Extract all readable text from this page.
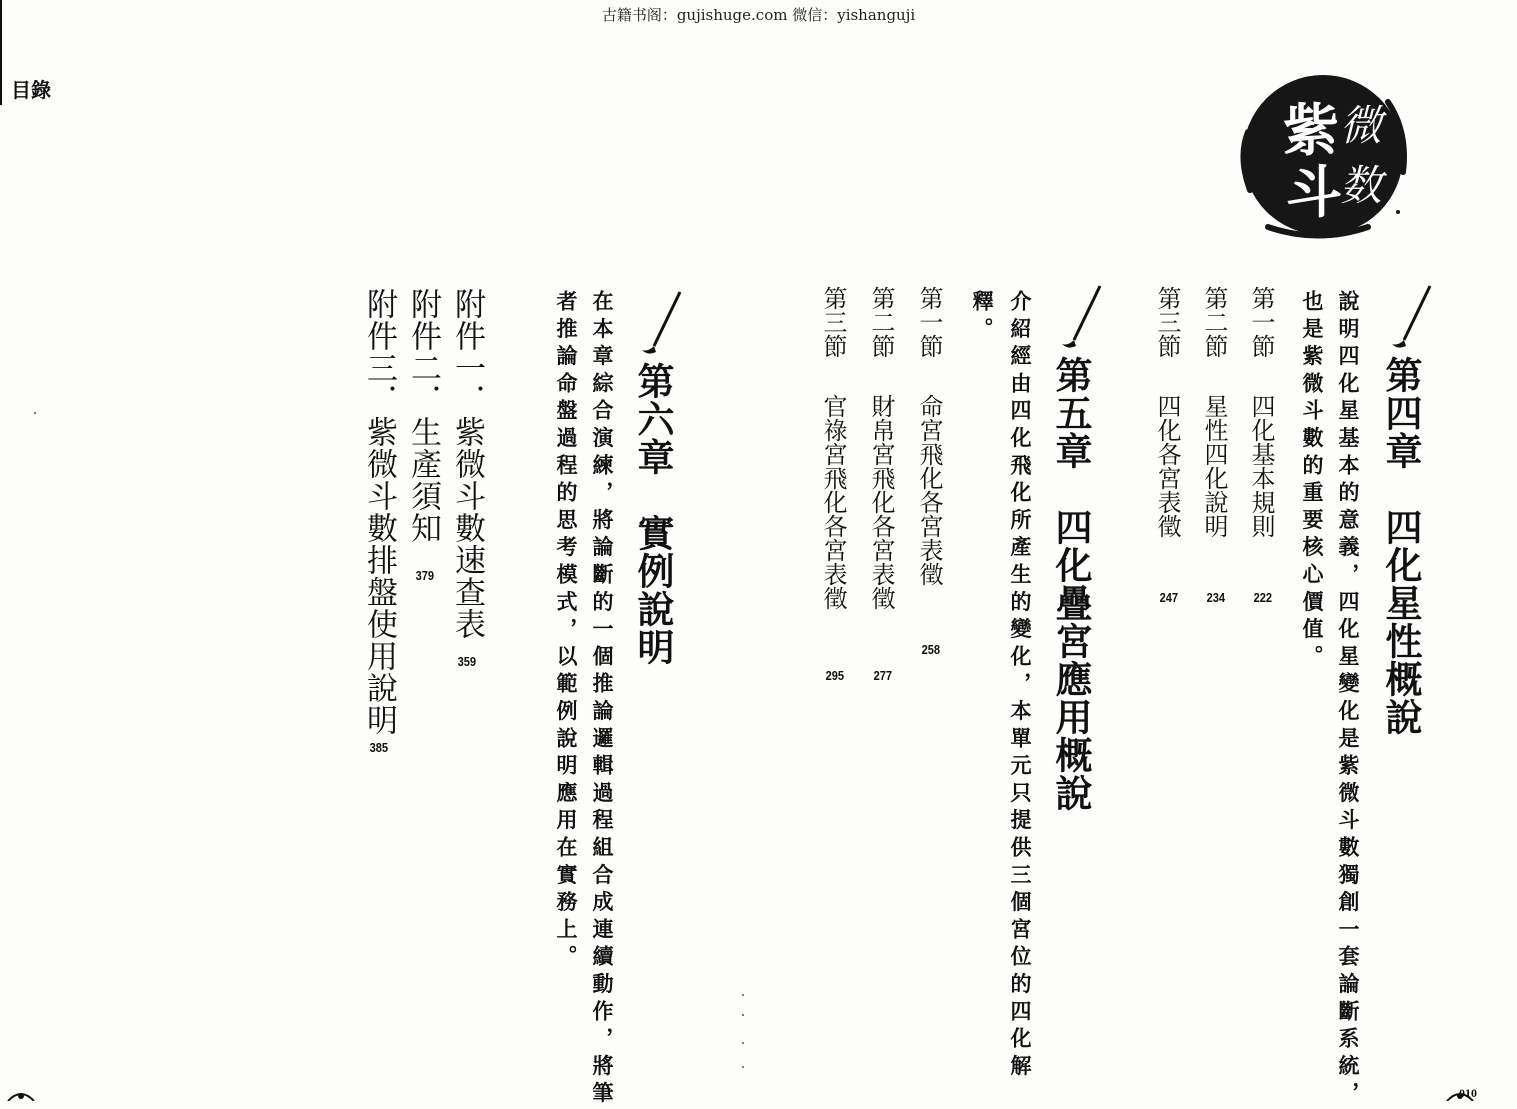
古籍书阁：gujishuge.com 微信：yishanguji
目錄
紫 微
斗
数
第四章　四化星性概說
說明四化星基本的意義，四化星變化是紫微斗數獨創一套論斷系統，
也是紫微斗數的重要核心價值。
第一節四化基本規則
222
第二節星性四化說明
234
第三節四化各宮表徵
247
第五章　四化疊宮應用概說
介紹經由四化飛化所產生的變化，本單元只提供三個宮位的四化解
釋。
第一節命宮飛化各宮表徵
258
第二節財帛宮飛化各宮表徵
277
第三節官祿宮飛化各宮表徵
295
第六章　實例說明
在本章綜合演練，將論斷的一個推論邏輯過程組合成連續動作，將筆
者推論命盤過程的思考模式，以範例說明應用在實務上。
附件一．紫微斗數速查表
359
附件二．生產須知
379
附件三．紫微斗數排盤使用說明
385
010
